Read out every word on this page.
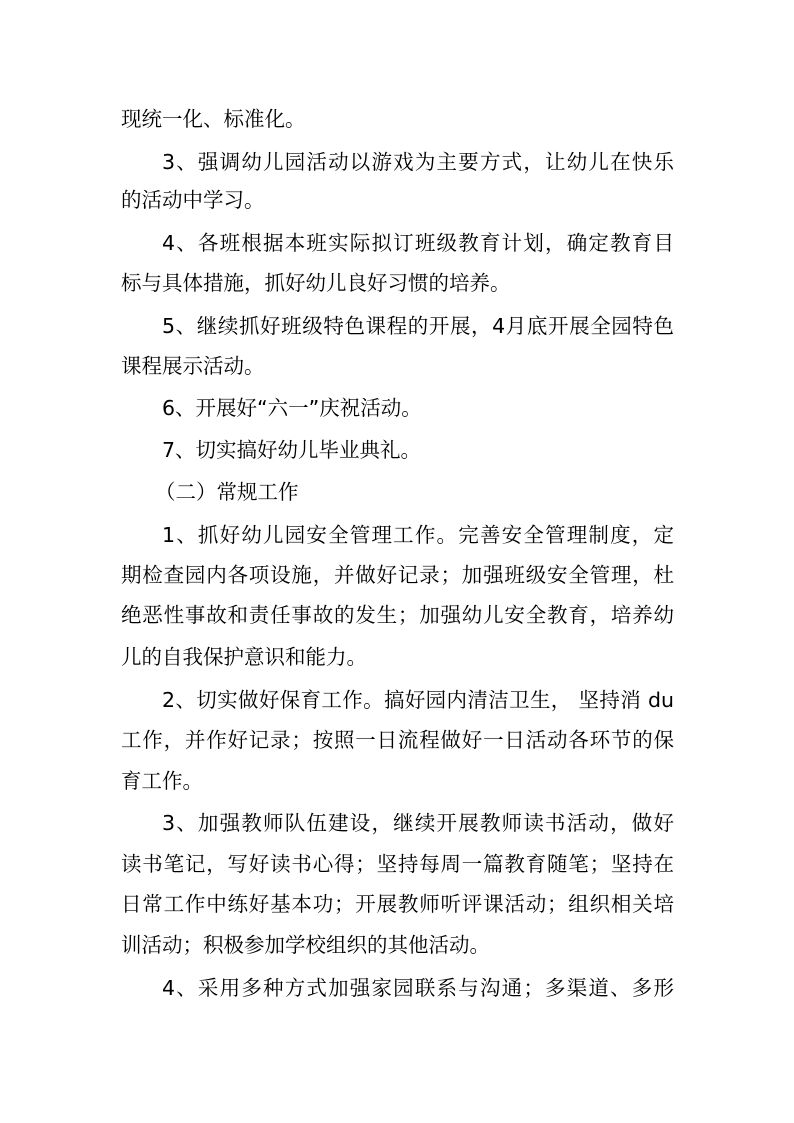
现统一化、标准化。
3、强调幼儿园活动以游戏为主要方式，让幼儿在快乐
的活动中学习。
4、各班根据本班实际拟订班级教育计划，确定教育目
标与具体措施，抓好幼儿良好习惯的培养。
5、继续抓好班级特色课程的开展，4月底开展全园特色
课程展示活动。
6、开展好“六一”庆祝活动。
7、切实搞好幼儿毕业典礼。
（二）常规工作
1、抓好幼儿园安全管理工作。完善安全管理制度，定
期检查园内各项设施，并做好记录；加强班级安全管理，杜
绝恶性事故和责任事故的发生；加强幼儿安全教育，培养幼
儿的自我保护意识和能力。
2、切实做好保育工作。搞好园内清洁卫生， 坚持消 du
工作，并作好记录；按照一日流程做好一日活动各环节的保
育工作。
3、加强教师队伍建设，继续开展教师读书活动，做好
读书笔记，写好读书心得；坚持每周一篇教育随笔；坚持在
日常工作中练好基本功；开展教师听评课活动；组织相关培
训活动；积极参加学校组织的其他活动。
4、采用多种方式加强家园联系与沟通；多渠道、多形
